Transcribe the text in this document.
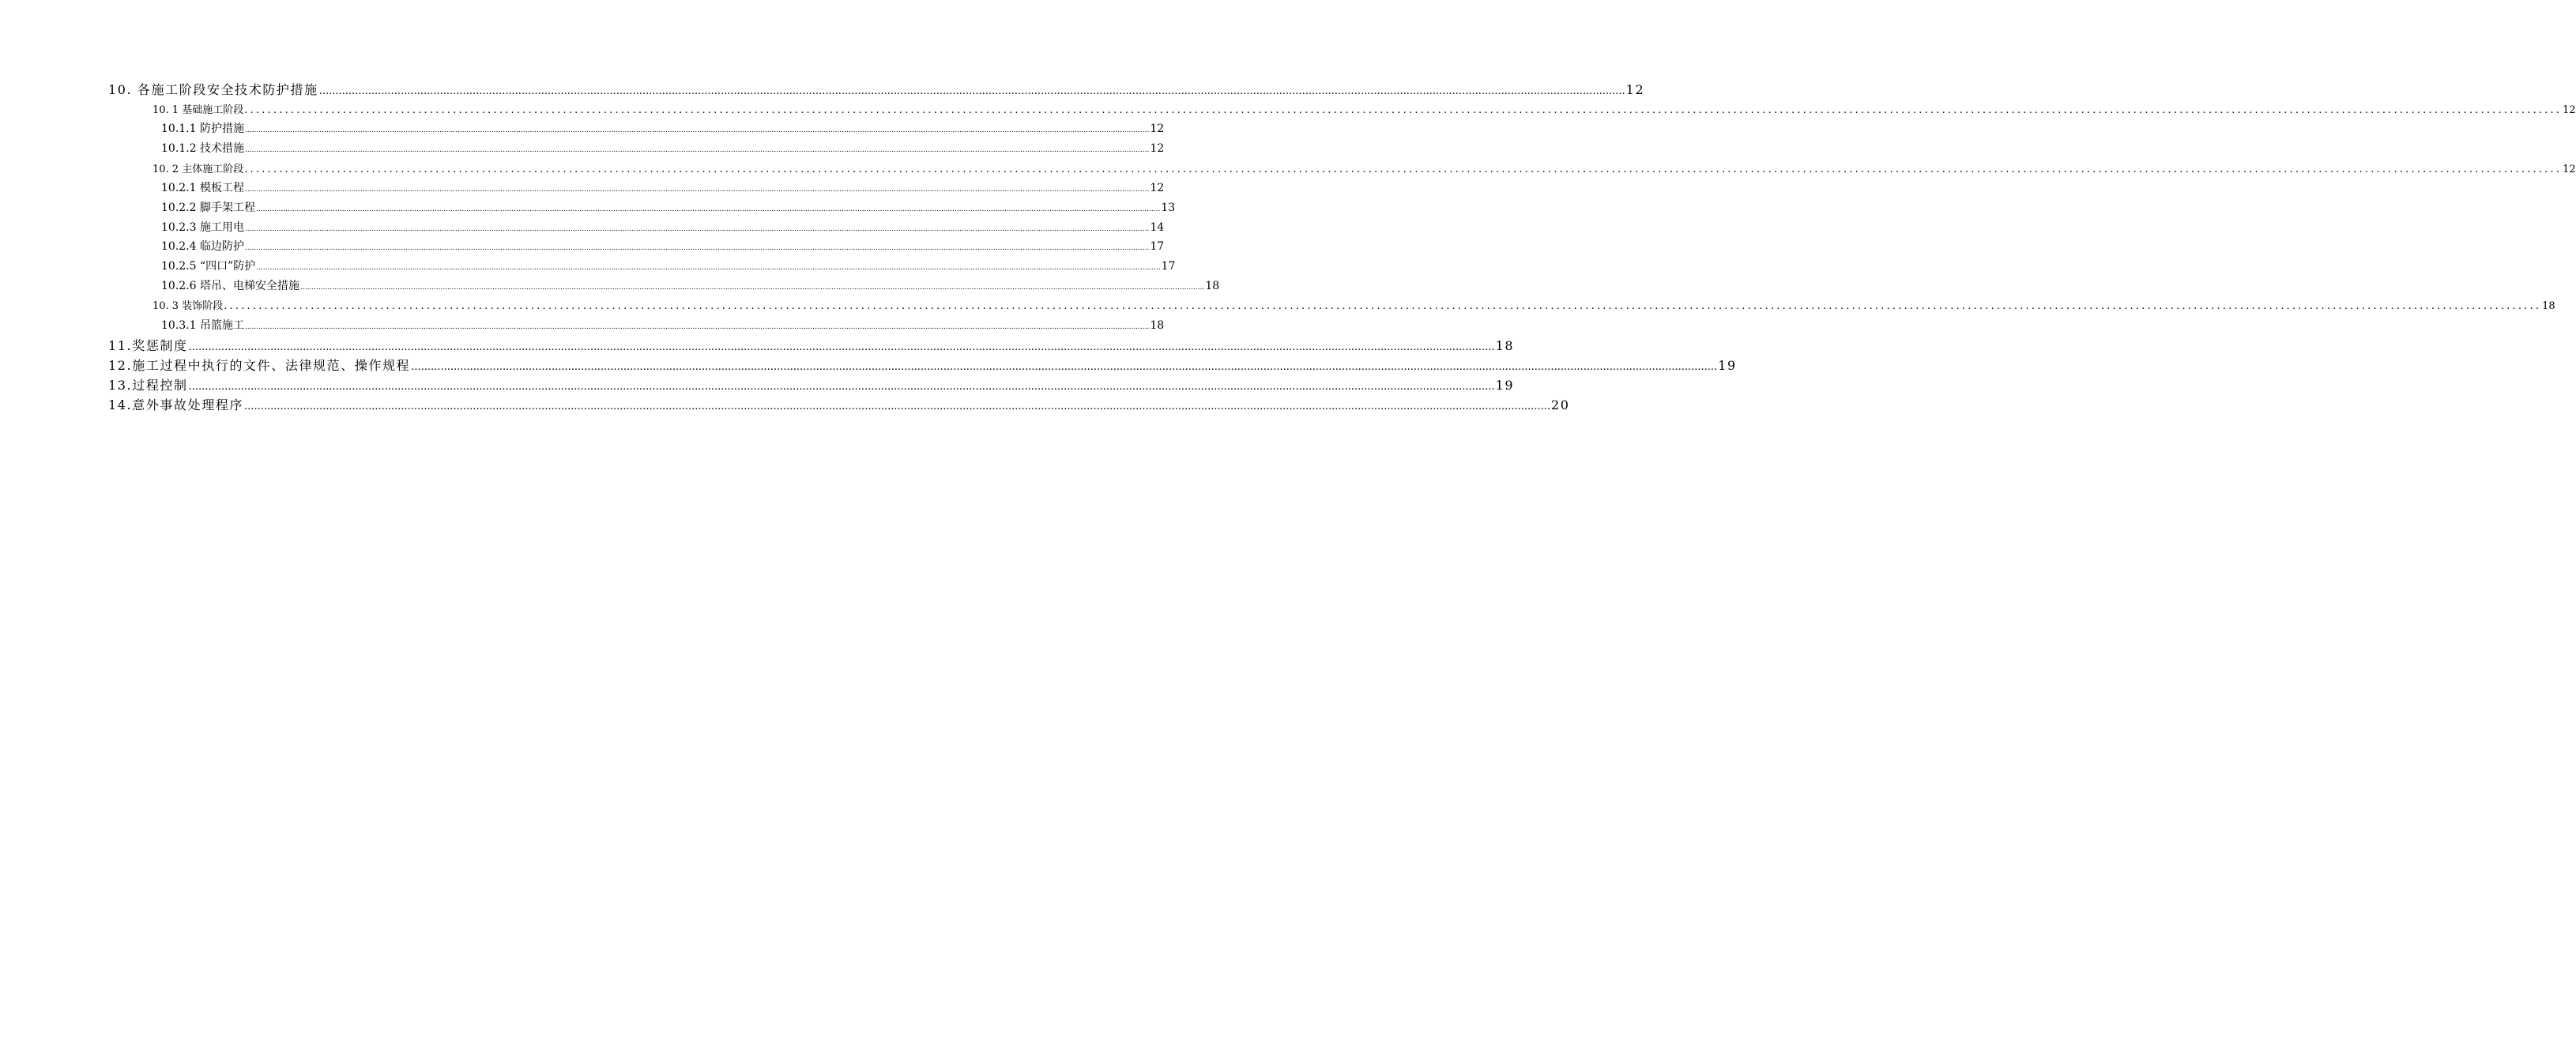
10. 各施工阶段安全技术防护措施 ................................................................................................................................................................................................................................................................................................................................................................................................................ 12
10. 1 基础施工阶段 ................................................................................................................................................................................................................................................................................................................................................................................................................ 12
10.1.1 防护措施 ................................................................................................................................................................................................................................................................................................................................................................................................................ 12
10.1.2 技术措施 ................................................................................................................................................................................................................................................................................................................................................................................................................ 12
10. 2 主体施工阶段 ................................................................................................................................................................................................................................................................................................................................................................................................................ 12
10.2.1 模板工程 ................................................................................................................................................................................................................................................................................................................................................................................................................ 12
10.2.2 脚手架工程 ................................................................................................................................................................................................................................................................................................................................................................................................................ 13
10.2.3 施工用电 ................................................................................................................................................................................................................................................................................................................................................................................................................ 14
10.2.4 临边防护 ................................................................................................................................................................................................................................................................................................................................................................................................................ 17
10.2.5 “四口”防护 ................................................................................................................................................................................................................................................................................................................................................................................................................ 17
10.2.6 塔吊、电梯安全措施 ................................................................................................................................................................................................................................................................................................................................................................................................................ 18
10. 3 装饰阶段 ................................................................................................................................................................................................................................................................................................................................................................................................................ 18
10.3.1 吊篮施工 ................................................................................................................................................................................................................................................................................................................................................................................................................ 18
11.奖惩制度 ................................................................................................................................................................................................................................................................................................................................................................................................................ 18
12.施工过程中执行的文件、法律规范、操作规程 ................................................................................................................................................................................................................................................................................................................................................................................................................ 19
13.过程控制 ................................................................................................................................................................................................................................................................................................................................................................................................................ 19
14.意外事故处理程序 ................................................................................................................................................................................................................................................................................................................................................................................................................ 20
